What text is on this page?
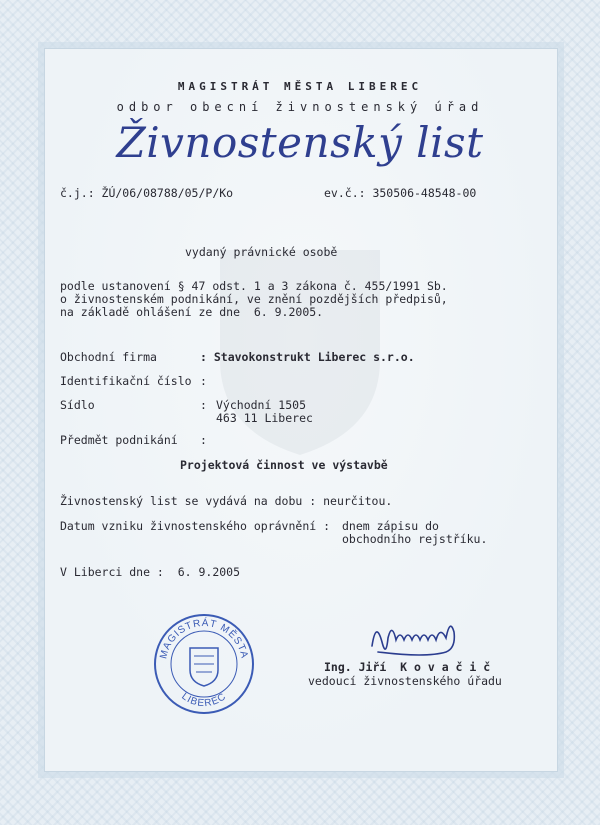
MAGISTRÁT MĚSTA LIBEREC
odbor obecní živnostenský úřad
Živnostenský list
č.j.: ŽÚ/06/08788/05/P/Ko	ev.č.: 350506-48548-00
vydaný právnické osobě
podle ustanovení § 47 odst. 1 a 3 zákona č. 455/1991 Sb.
o živnostenském podnikání, ve znění pozdějších předpisů,
na základě ohlášení ze dne  6. 9.2005.
Obchodní firma	: Stavokonstrukt Liberec s.r.o.
Identifikační číslo :
Sídlo	: Východní 1505
463 11 Liberec
Předmět podnikání :
Projektová činnost ve výstavbě
Živnostenský list se vydává na dobu : neurčitou.
Datum vzniku živnostenského oprávnění : dnem zápisu do
obchodního rejstříku.
V Liberci dne :  6. 9.2005
MAGISTRÁT MĚSTA
LIBEREC
Ing. Jiří  K o v a č i č
vedoucí živnostenského úřadu
